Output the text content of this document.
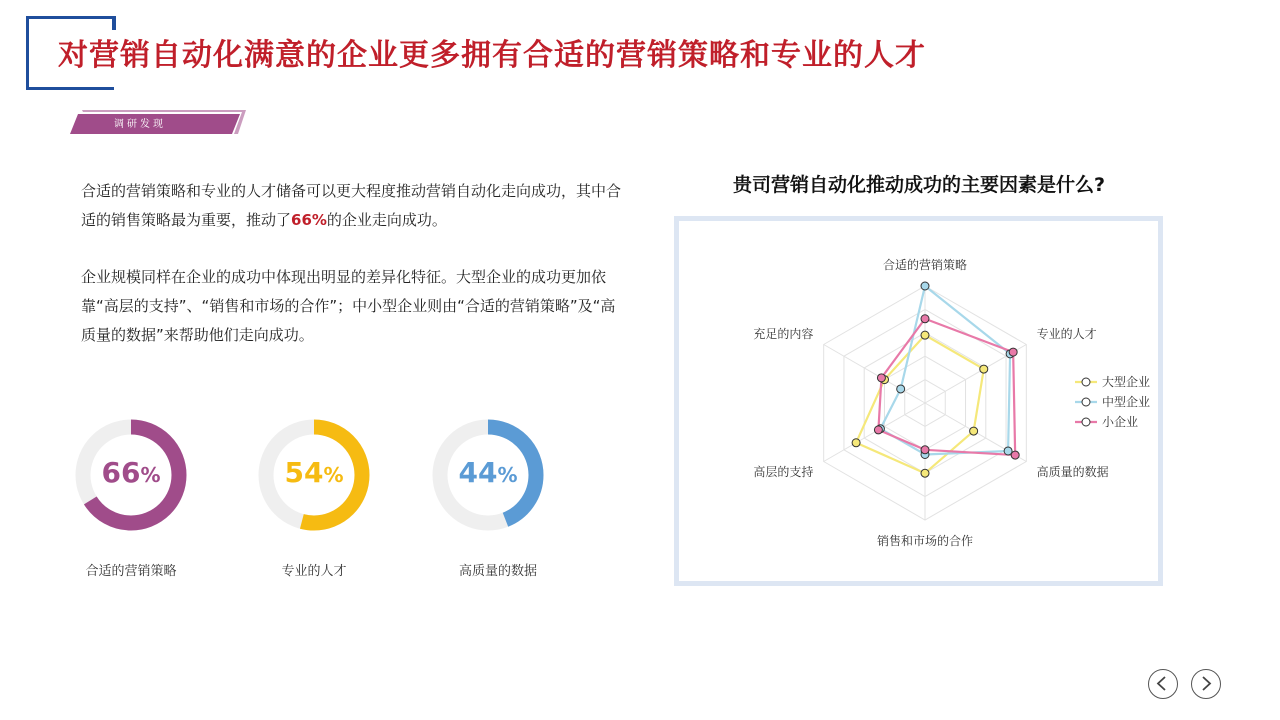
对营销自动化满意的企业更多拥有合适的营销策略和专业的人才
调研发现
合适的营销策略和专业的人才储备可以更大程度推动营销自动化走向成功，其中合适的销售策略最为重要，推动了66%的企业走向成功。
企业规模同样在企业的成功中体现出明显的差异化特征。大型企业的成功更加依靠“高层的支持”、“销售和市场的合作”；中小型企业则由“合适的营销策略”及“高质量的数据”来帮助他们走向成功。
66%
合适的营销策略
54%
专业的人才
44%
高质量的数据
贵司营销自动化推动成功的主要因素是什么?
合适的营销策略
专业的人才
高质量的数据
销售和市场的合作
高层的支持
充足的内容
大型企业
中型企业
小企业
